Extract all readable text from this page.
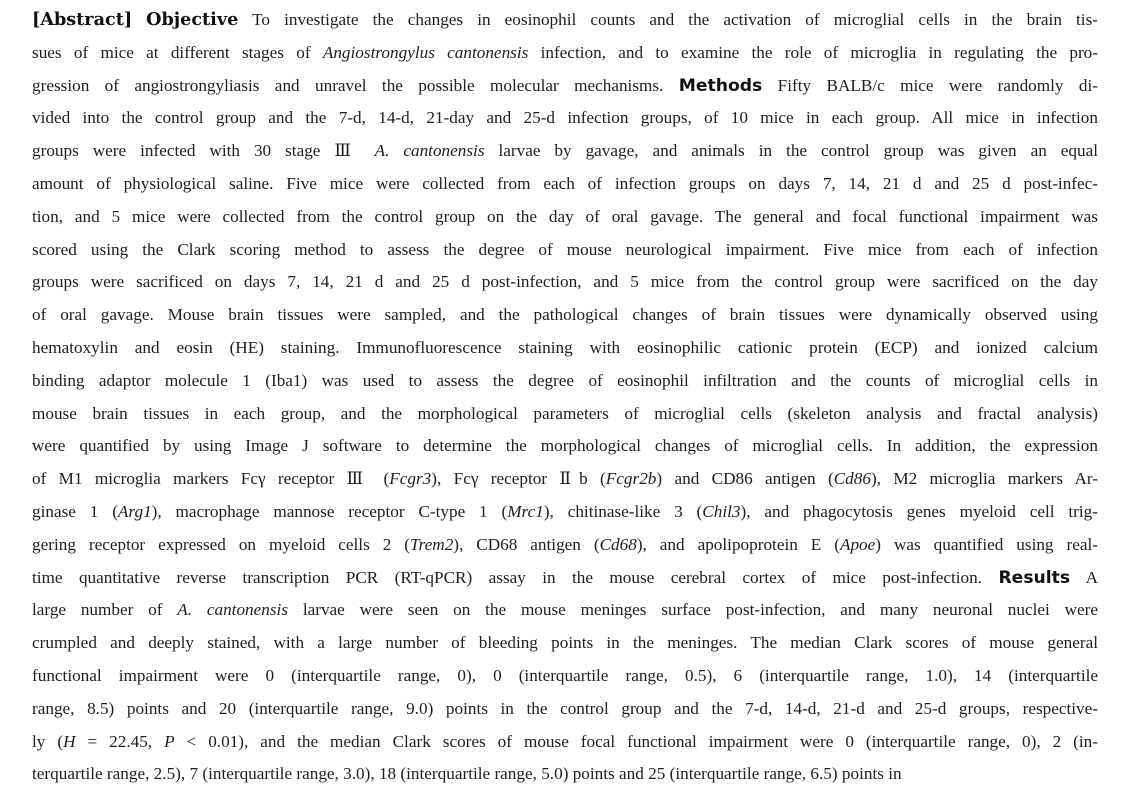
[Abstract] Objective To investigate the changes in eosinophil counts and the activation of microglial cells in the brain tis-
sues of mice at different stages of Angiostrongylus cantonensis infection, and to examine the role of microglia in regulating the pro-
gression of angiostrongyliasis and unravel the possible molecular mechanisms. Methods Fifty BALB/c mice were randomly di-
vided into the control group and the 7-d, 14-d, 21-day and 25-d infection groups, of 10 mice in each group. All mice in infection
groups were infected with 30 stage Ⅲ A. cantonensis larvae by gavage, and animals in the control group was given an equal
amount of physiological saline. Five mice were collected from each of infection groups on days 7, 14, 21 d and 25 d post-infec-
tion, and 5 mice were collected from the control group on the day of oral gavage. The general and focal functional impairment was
scored using the Clark scoring method to assess the degree of mouse neurological impairment. Five mice from each of infection
groups were sacrificed on days 7, 14, 21 d and 25 d post-infection, and 5 mice from the control group were sacrificed on the day
of oral gavage. Mouse brain tissues were sampled, and the pathological changes of brain tissues were dynamically observed using
hematoxylin and eosin (HE) staining. Immunofluorescence staining with eosinophilic cationic protein (ECP) and ionized calcium
binding adaptor molecule 1 (Iba1) was used to assess the degree of eosinophil infiltration and the counts of microglial cells in
mouse brain tissues in each group, and the morphological parameters of microglial cells (skeleton analysis and fractal analysis)
were quantified by using Image J software to determine the morphological changes of microglial cells. In addition, the expression
of M1 microglia markers Fcγ receptor Ⅲ (Fcgr3), Fcγ receptor Ⅱb (Fcgr2b) and CD86 antigen (Cd86), M2 microglia markers Ar-
ginase 1 (Arg1), macrophage mannose receptor C-type 1 (Mrc1), chitinase-like 3 (Chil3), and phagocytosis genes myeloid cell trig-
gering receptor expressed on myeloid cells 2 (Trem2), CD68 antigen (Cd68), and apolipoprotein E (Apoe) was quantified using real-
time quantitative reverse transcription PCR (RT-qPCR) assay in the mouse cerebral cortex of mice post-infection. Results A
large number of A. cantonensis larvae were seen on the mouse meninges surface post-infection, and many neuronal nuclei were
crumpled and deeply stained, with a large number of bleeding points in the meninges. The median Clark scores of mouse general
functional impairment were 0 (interquartile range, 0), 0 (interquartile range, 0.5), 6 (interquartile range, 1.0), 14 (interquartile
range, 8.5) points and 20 (interquartile range, 9.0) points in the control group and the 7-d, 14-d, 21-d and 25-d groups, respective-
ly (H = 22.45, P < 0.01), and the median Clark scores of mouse focal functional impairment were 0 (interquartile range, 0), 2 (in-
terquartile range, 2.5), 7 (interquartile range, 3.0), 18 (interquartile range, 5.0) points and 25 (interquartile range, 6.5) points in
